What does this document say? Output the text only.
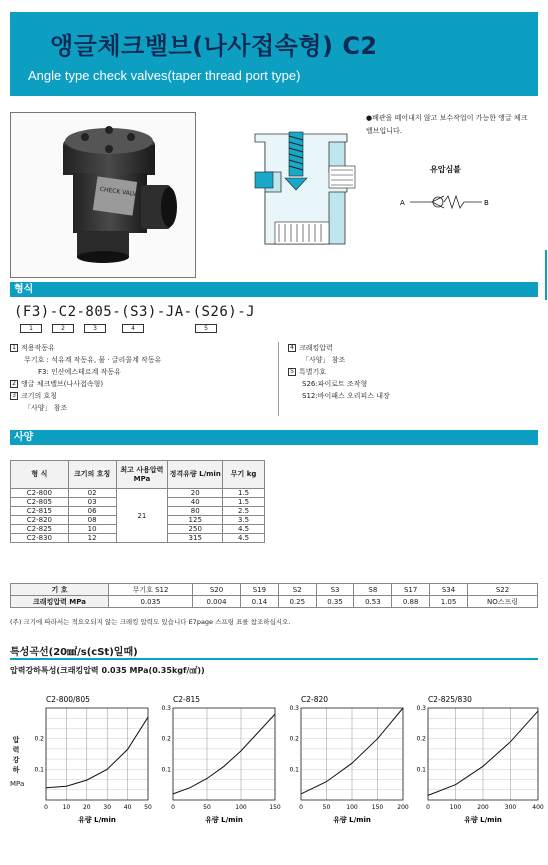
앵글체크밸브(나사접속형) C2
Angle type check valves(taper thread port type)
CHECK VALVE
●배관을 떼어내지 않고 보수작업이 가능한 앵글 체크 밸브입니다.
유압심볼
A	B
형식
(F3)-C2-805-(S3)-JA-(S26)-J
1	2	3	4	5
1 적용작동유
무기호 : 석유계 작동유, 물 · 글리콜계 작동유
F3: 인산에스테르계 작동유
2 앵글 체크밸브(나사접속형)
3 크기의 호칭
「사양」 참조
4 크래킹압력
「사양」 참조
5 특별기호
S26:파이로트 조작형
S12:바이패스 오리피스 내장
사양
형 식	크기의 호칭	최고 사용압력 MPa	정격유량 L/min	무기 kg
C2-800	02	21	20	1.5
C2-805	03		40	1.5
C2-815	06		80	2.5
C2-820	08		125	3.5
C2-825	10		250	4.5
C2-830	12		315	4.5
기 호	무기호 S12	S20	S19	S2	S3	S8	S17	S34	S22
크래킹압력 MPa	0.035	0.004	0.14	0.25	0.35	0.53	0.88	1.05	NO스프링
(주) 크기에 따라서는 적요오되지 않는 크래킹 압력도 있습니다 E7page 스프링 표를 참조하십시오.
특성곡선(20㎟/s(cSt)일때)
압력강하특성(크래킹압력 0.035 MPa(0.35kgf/㎠))
압력강하
MPa
C2-800/805
0 10 20 30 40 50
0.1
0.2
유량 L/min
C2-815
0	50	100	150
0.1
0.2
0.3
유량 L/min
C2-820
0	50	100 150 200
0.1
0.2
0.3
유량 L/min
C2-825/830
0	100	200	300	400
0.1
0.2
0.3
유량 L/min
